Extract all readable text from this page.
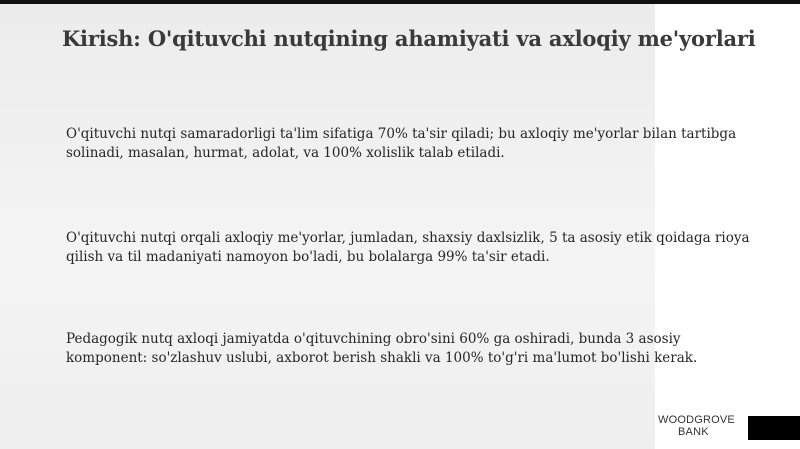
Kirish: O'qituvchi nutqining ahamiyati va axloqiy me'yorlari

O'qituvchi nutqi samaradorligi ta'lim sifatiga 70% ta'sir qiladi; bu axloqiy me'yorlar bilan tartibga solinadi, masalan, hurmat, adolat, va 100% xolislik talab etiladi.

O'qituvchi nutqi orqali axloqiy me'yorlar, jumladan, shaxsiy daxlsizlik, 5 ta asosiy etik qoidaga rioya qilish va til madaniyati namoyon bo'ladi, bu bolalarga 99% ta'sir etadi.

Pedagogik nutq axloqi jamiyatda o'qituvchining obro'sini 60% ga oshiradi, bunda 3 asosiy komponent: so'zlashuv uslubi, axborot berish shakli va 100% to'g'ri ma'lumot bo'lishi kerak.

WOODGROVE
BANK
